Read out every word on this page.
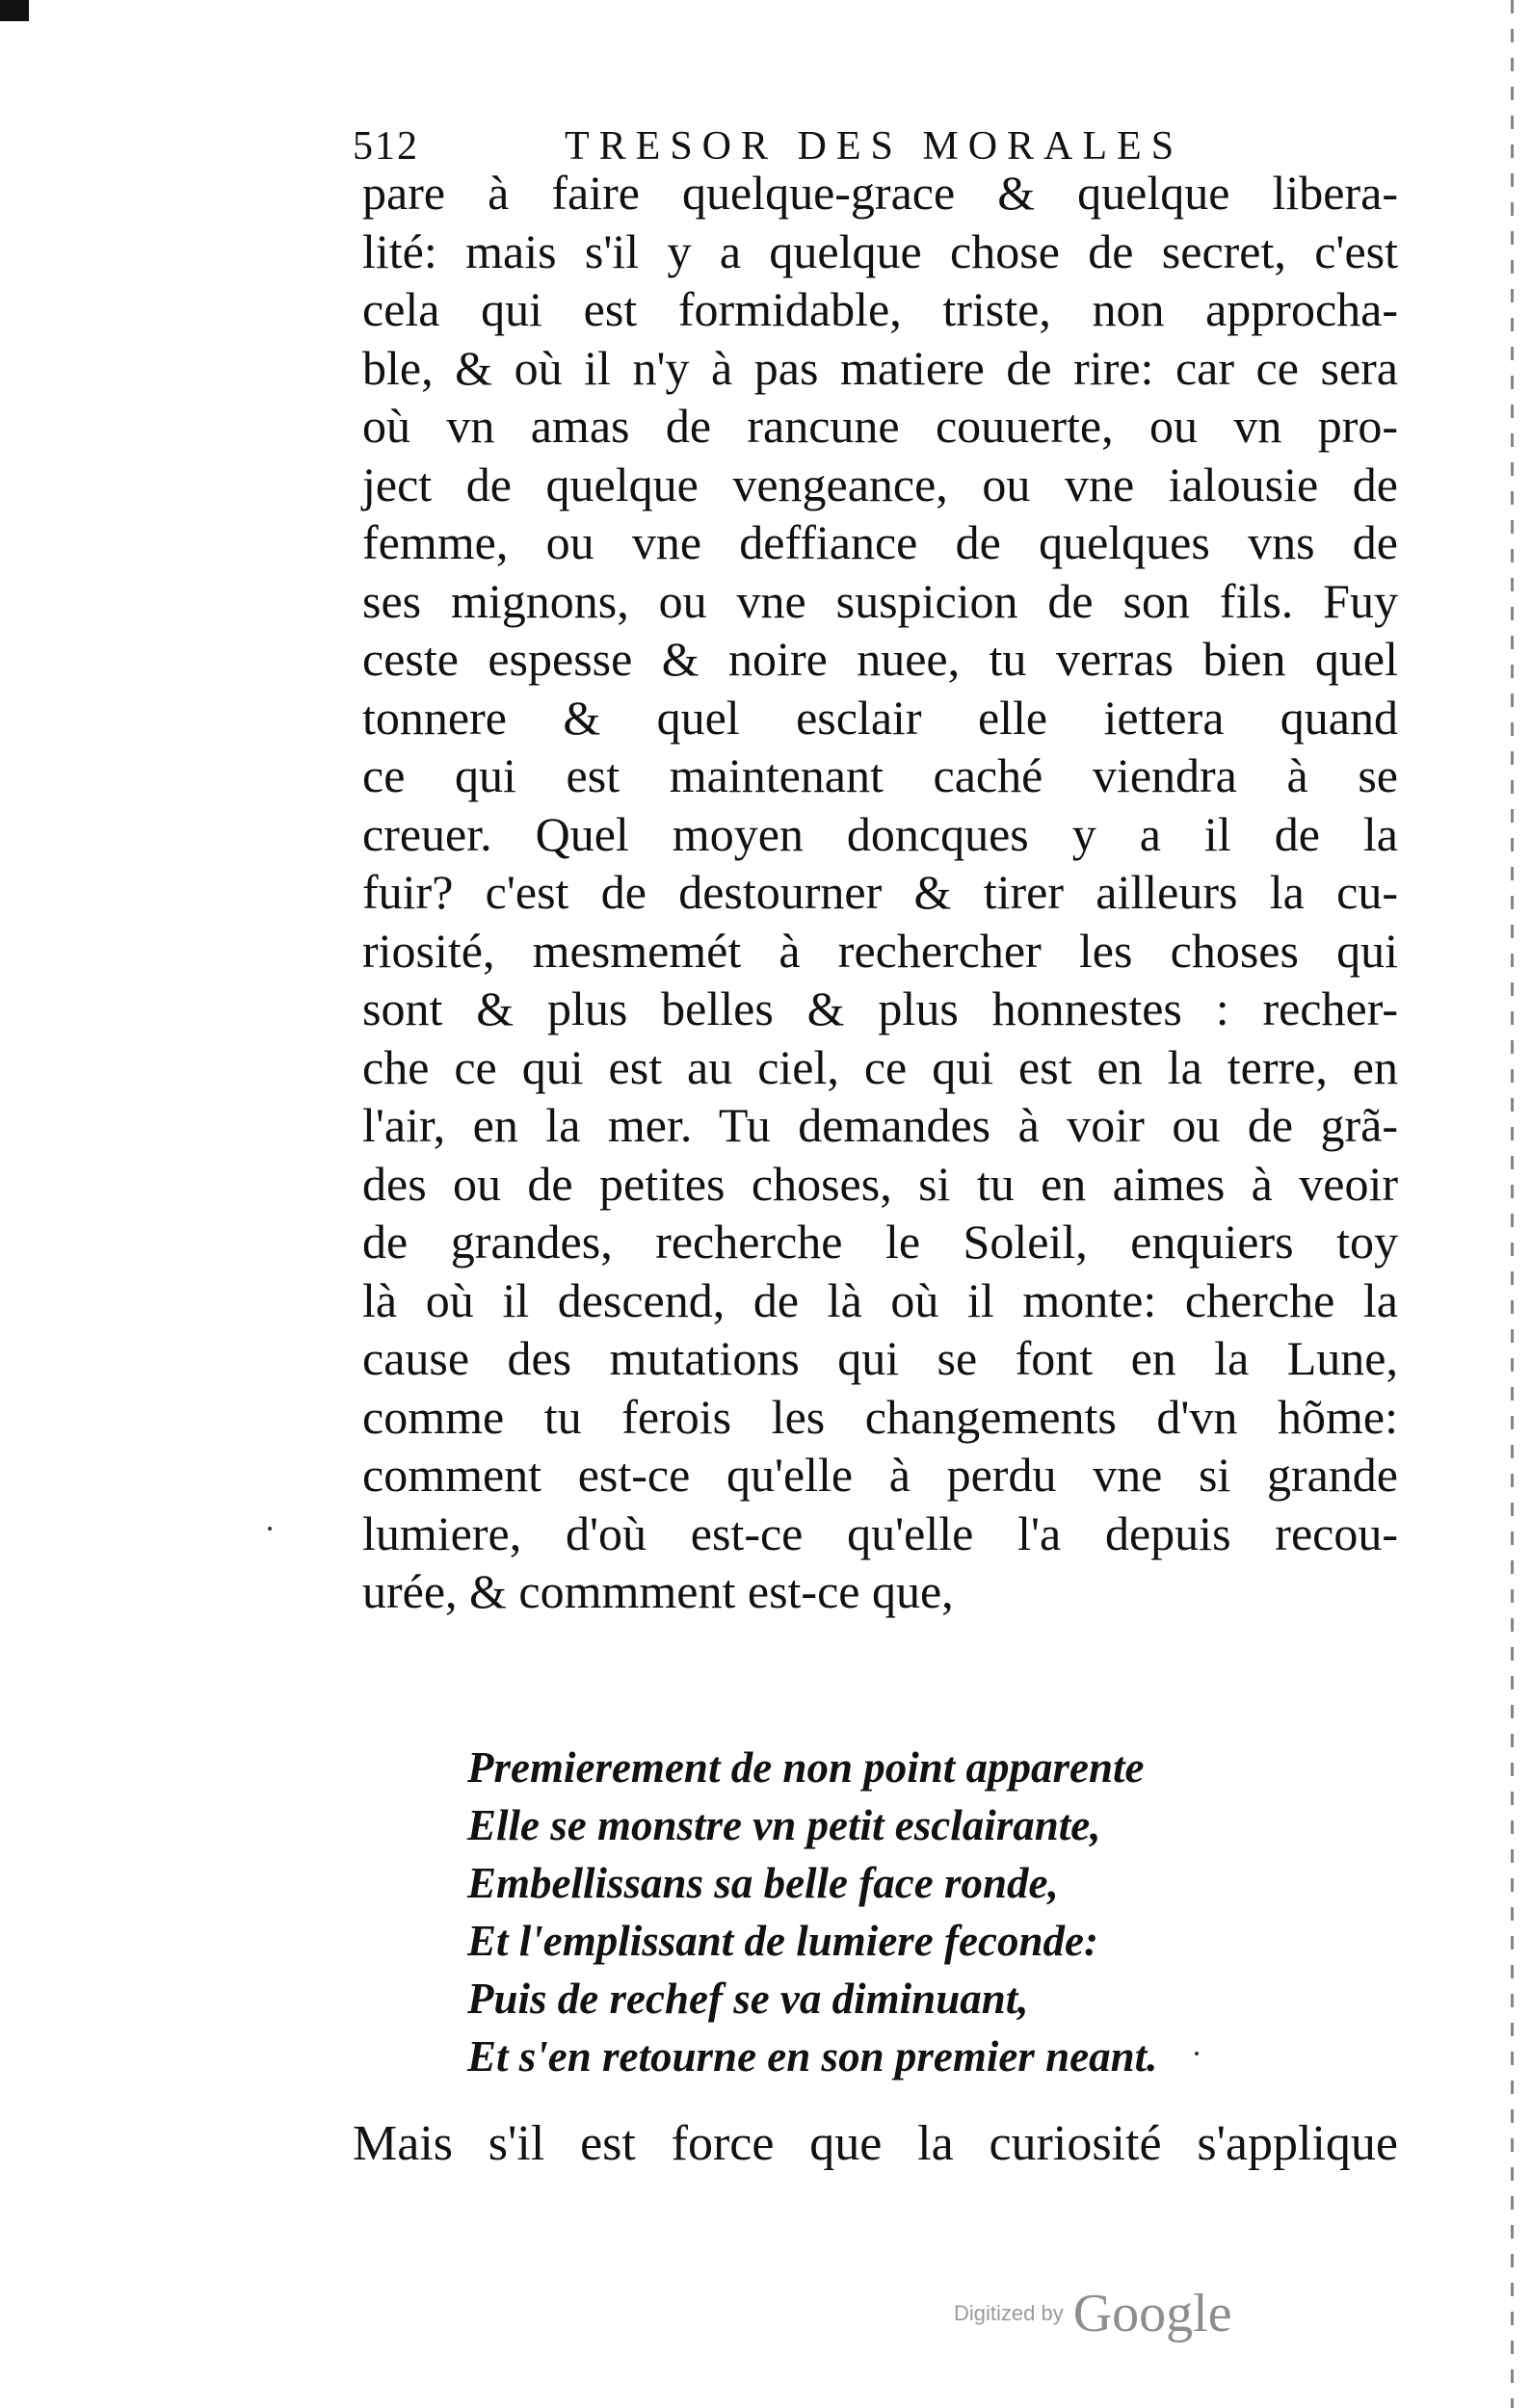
512	TRESOR DES MORALES
pare à faire quelque-grace & quelque libera-
lité: mais s'il y a quelque chose de secret, c'est
cela qui est formidable, triste, non approcha-
ble, & où il n'y à pas matiere de rire: car ce sera
où vn amas de rancune couuerte, ou vn pro-
ject de quelque vengeance, ou vne ialousie de
femme, ou vne deffiance de quelques vns de
ses mignons, ou vne suspicion de son fils. Fuy
ceste espesse & noire nuee, tu verras bien quel
tonnere & quel esclair elle iettera quand
ce qui est maintenant caché viendra à se
creuer. Quel moyen doncques y a il de la
fuir? c'est de destourner & tirer ailleurs la cu-
riosité, mesmemét à rechercher les choses qui
sont & plus belles & plus honnestes : recher-
che ce qui est au ciel, ce qui est en la terre, en
l'air, en la mer. Tu demandes à voir ou de grã-
des ou de petites choses, si tu en aimes à veoir
de grandes, recherche le Soleil, enquiers toy
là où il descend, de là où il monte: cherche la
cause des mutations qui se font en la Lune,
comme tu ferois les changements d'vn hõme:
comment est-ce qu'elle à perdu vne si grande
lumiere, d'où est-ce qu'elle l'a depuis recou-
urée, & commment est-ce que,
Premierement de non point apparente
Elle se monstre vn petit esclairante,
Embellissans sa belle face ronde,
Et l'emplissant de lumiere feconde:
Puis de rechef se va diminuant,
Et s'en retourne en son premier neant.
Mais s'il est force que la curiosité s'applique
Digitized by Google
